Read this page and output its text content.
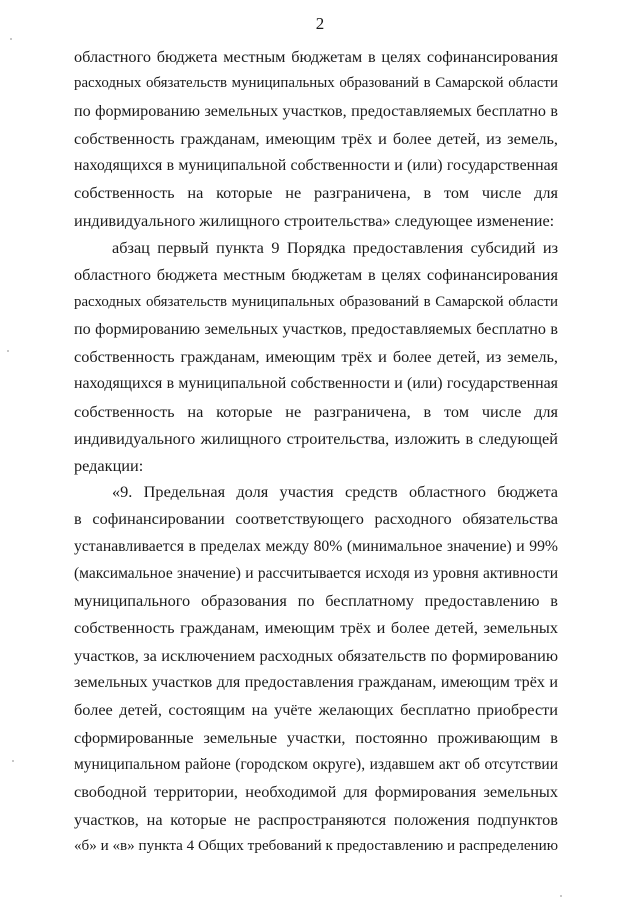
2
областного бюджета местным бюджетам в целях софинансирования
расходных обязательств муниципальных образований в Самарской области
по формированию земельных участков, предоставляемых бесплатно в
собственность гражданам, имеющим трёх и более детей, из земель,
находящихся в муниципальной собственности и (или) государственная
собственность на которые не разграничена, в том числе для
индивидуального жилищного строительства» следующее изменение:
абзац первый пункта 9 Порядка предоставления субсидий из
областного бюджета местным бюджетам в целях софинансирования
расходных обязательств муниципальных образований в Самарской области
по формированию земельных участков, предоставляемых бесплатно в
собственность гражданам, имеющим трёх и более детей, из земель,
находящихся в муниципальной собственности и (или) государственная
собственность на которые не разграничена, в том числе для
индивидуального жилищного строительства, изложить в следующей
редакции:
«9. Предельная доля участия средств областного бюджета
в софинансировании соответствующего расходного обязательства
устанавливается в пределах между 80% (минимальное значение) и 99%
(максимальное значение) и рассчитывается исходя из уровня активности
муниципального образования по бесплатному предоставлению в
собственность гражданам, имеющим трёх и более детей, земельных
участков, за исключением расходных обязательств по формированию
земельных участков для предоставления гражданам, имеющим трёх и
более детей, состоящим на учёте желающих бесплатно приобрести
сформированные земельные участки, постоянно проживающим в
муниципальном районе (городском округе), издавшем акт об отсутствии
свободной территории, необходимой для формирования земельных
участков, на которые не распространяются положения подпунктов
«б» и «в» пункта 4 Общих требований к предоставлению и распределению
